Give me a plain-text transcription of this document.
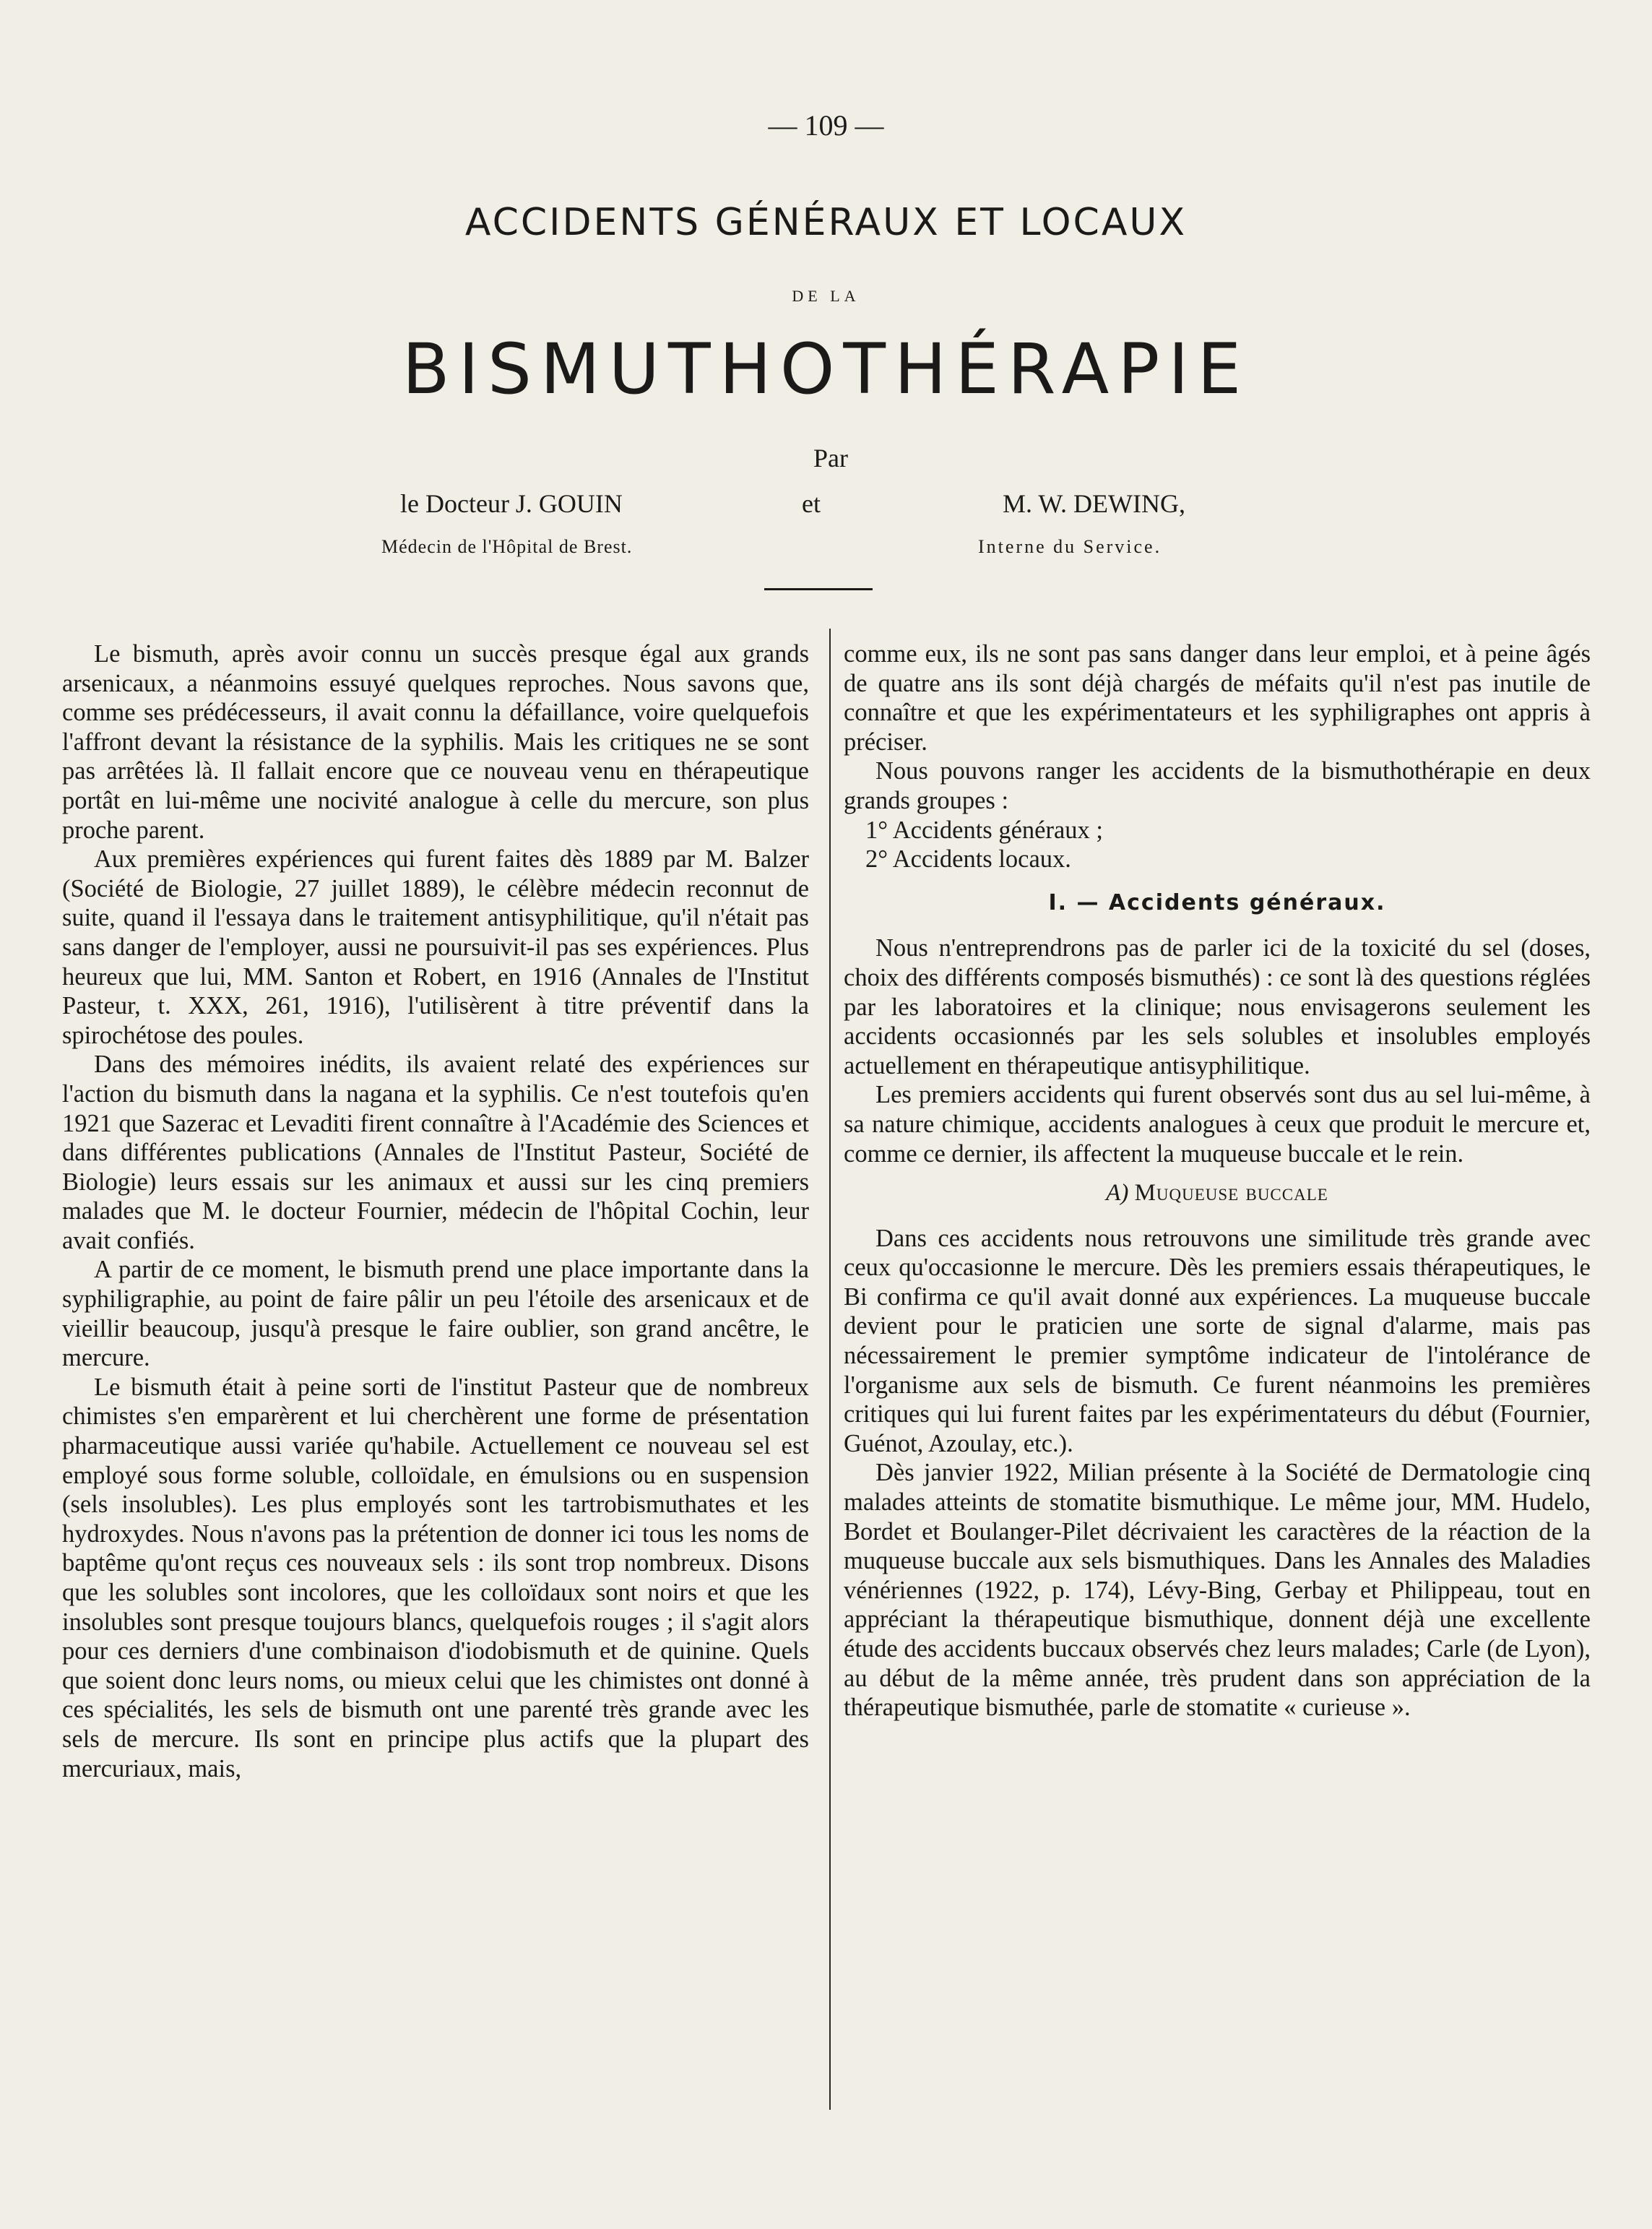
— 109 —
ACCIDENTS GÉNÉRAUX ET LOCAUX
DE LA
BISMUTHOTHÉRAPIE
Par
le Docteur J. GOUIN	et	M. W. DEWING,
Médecin de l'Hôpital de Brest.	Interne du Service.

Le bismuth, après avoir connu un succès presque égal aux grands arsenicaux, a néanmoins essuyé quelques reproches. Nous savons que, comme ses prédécesseurs, il avait connu la défaillance, voire quelquefois l'affront devant la résistance de la syphilis. Mais les critiques ne se sont pas arrêtées là. Il fallait encore que ce nouveau venu en thérapeutique portât en lui-même une nocivité analogue à celle du mercure, son plus proche parent.

Aux premières expériences qui furent faites dès 1889 par M. Balzer (Société de Biologie, 27 juillet 1889), le célèbre médecin reconnut de suite, quand il l'essaya dans le traitement antisyphilitique, qu'il n'était pas sans danger de l'employer, aussi ne poursuivit-il pas ses expériences. Plus heureux que lui, MM. Santon et Robert, en 1916 (Annales de l'Institut Pasteur, t. XXX, 261, 1916), l'utilisèrent à titre préventif dans la spirochétose des poules.

Dans des mémoires inédits, ils avaient relaté des expériences sur l'action du bismuth dans la nagana et la syphilis. Ce n'est toutefois qu'en 1921 que Sazerac et Levaditi firent connaître à l'Académie des Sciences et dans différentes publications (Annales de l'Institut Pasteur, Société de Biologie) leurs essais sur les animaux et aussi sur les cinq premiers malades que M. le docteur Fournier, médecin de l'hôpital Cochin, leur avait confiés.

A partir de ce moment, le bismuth prend une place importante dans la syphiligraphie, au point de faire pâlir un peu l'étoile des arsenicaux et de vieillir beaucoup, jusqu'à presque le faire oublier, son grand ancêtre, le mercure.

Le bismuth était à peine sorti de l'institut Pasteur que de nombreux chimistes s'en emparèrent et lui cherchèrent une forme de présentation pharmaceutique aussi variée qu'habile. Actuellement ce nouveau sel est employé sous forme soluble, colloïdale, en émulsions ou en suspension (sels insolubles). Les plus employés sont les tartrobismuthates et les hydroxydes. Nous n'avons pas la prétention de donner ici tous les noms de baptême qu'ont reçus ces nouveaux sels : ils sont trop nombreux. Disons que les solubles sont incolores, que les colloïdaux sont noirs et que les insolubles sont presque toujours blancs, quelquefois rouges ; il s'agit alors pour ces derniers d'une combinaison d'iodobismuth et de quinine. Quels que soient donc leurs noms, ou mieux celui que les chimistes ont donné à ces spécialités, les sels de bismuth ont une parenté très grande avec les sels de mercure. Ils sont en principe plus actifs que la plupart des mercuriaux, mais,

comme eux, ils ne sont pas sans danger dans leur emploi, et à peine âgés de quatre ans ils sont déjà chargés de méfaits qu'il n'est pas inutile de connaître et que les expérimentateurs et les syphiligraphes ont appris à préciser.

Nous pouvons ranger les accidents de la bismuthothérapie en deux grands groupes :

1° Accidents généraux ;
2° Accidents locaux.
I. — Accidents généraux.

Nous n'entreprendrons pas de parler ici de la toxicité du sel (doses, choix des différents composés bismuthés) : ce sont là des questions réglées par les laboratoires et la clinique; nous envisagerons seulement les accidents occasionnés par les sels solubles et insolubles employés actuellement en thérapeutique antisyphilitique.

Les premiers accidents qui furent observés sont dus au sel lui-même, à sa nature chimique, accidents analogues à ceux que produit le mercure et, comme ce dernier, ils affectent la muqueuse buccale et le rein.

A) Muqueuse buccale

Dans ces accidents nous retrouvons une similitude très grande avec ceux qu'occasionne le mercure. Dès les premiers essais thérapeutiques, le Bi confirma ce qu'il avait donné aux expériences. La muqueuse buccale devient pour le praticien une sorte de signal d'alarme, mais pas nécessairement le premier symptôme indicateur de l'intolérance de l'organisme aux sels de bismuth. Ce furent néanmoins les premières critiques qui lui furent faites par les expérimentateurs du début (Fournier, Guénot, Azoulay, etc.).

Dès janvier 1922, Milian présente à la Société de Dermatologie cinq malades atteints de stomatite bismuthique. Le même jour, MM. Hudelo, Bordet et Boulanger-Pilet décrivaient les caractères de la réaction de la muqueuse buccale aux sels bismuthiques. Dans les Annales des Maladies vénériennes (1922, p. 174), Lévy-Bing, Gerbay et Philippeau, tout en appréciant la thérapeutique bismuthique, donnent déjà une excellente étude des accidents buccaux observés chez leurs malades; Carle (de Lyon), au début de la même année, très prudent dans son appréciation de la thérapeutique bismuthée, parle de stomatite « curieuse ».
